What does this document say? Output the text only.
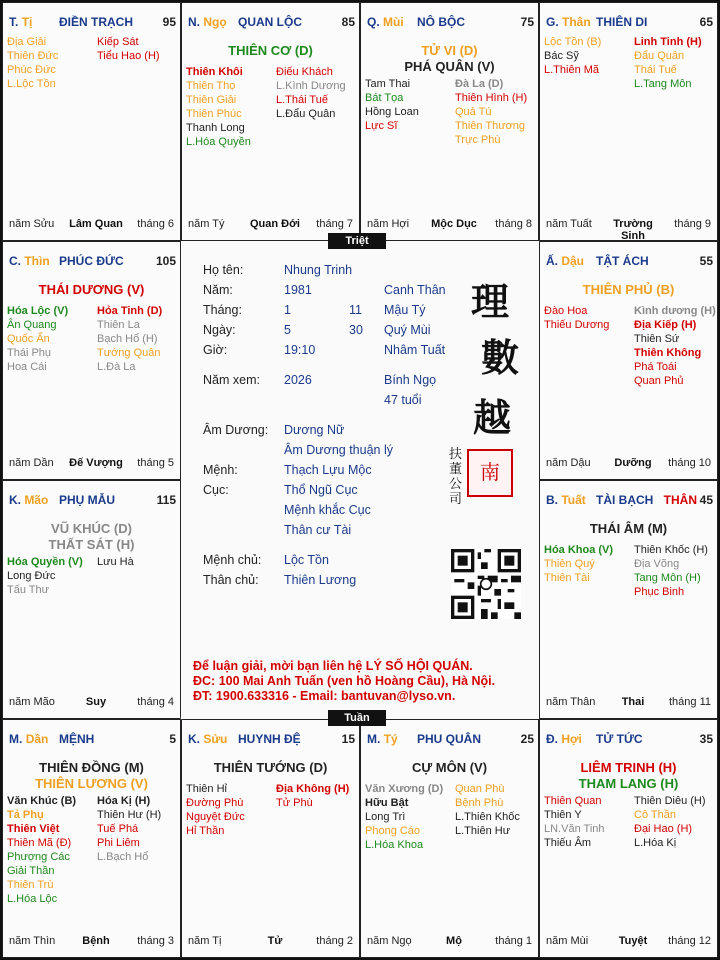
T. Tị ĐIỀN TRẠCH 95
Địa Giải
Thiên Đức
Phúc Đức
L.Lộc Tồn
Kiếp Sát
Tiểu Hao (H)
năm Sửu	Lâm Quan	tháng 6
N. Ngọ QUAN LỘC	85
THIÊN CƠ (D)
Thiên Khôi
Thiên Thọ
Thiên Giải
Thiên Phúc
Thanh Long
L.Hóa Quyền
Điếu Khách
L.Kình Dương
L.Thái Tuế
L.Đẩu Quân
năm Tý	Quan Đới	tháng 7
Q. Mùi NÔ BỘC	75
TỬ VI (D)
PHÁ QUÂN (V)
Tam Thai
Bát Tọa
Hồng Loan
Lực Sĩ
Đà La (D)
Thiên Hình (H)
Quả Tú
Thiên Thương
Trực Phù
năm Hợi	Mộc Dục	tháng 8
G. Thân THIÊN DI	65
Lộc Tồn (B)
Bác Sỹ
L.Thiên Mã
Linh Tinh (H)
Đẩu Quân
Thái Tuế
L.Tang Môn
năm Tuất	Trường Sinh
tháng 9
C. Thìn PHÚC ĐỨC	105
THÁI DƯƠNG (V)
Hóa Lộc (V)
Ân Quang
Quốc Ấn
Thái Phụ
Hoa Cái
Hỏa Tinh (D)
Thiên La
Bạch Hổ (H)
Tướng Quân
L.Đà La
năm Dần	Đế Vượng	tháng 5
Ấ. Dậu TẬT ÁCH	55
THIÊN PHỦ (B)
Đào Hoa
Thiếu Dương
Kình dương (H)
Địa Kiếp (H)
Thiên Sứ
Thiên Không
Phá Toái
Quan Phủ
năm Dậu	Dưỡng	tháng 10
K. Mão PHỤ MẪU	115
VŨ KHÚC (D)
THẤT SÁT (H)
Hóa Quyền (V)
Long Đức
Tấu Thư
Lưu Hà
năm Mão	Suy	tháng 4
B. Tuất TÀI BẠCH THÂN 45
THÁI ÂM (M)
Hóa Khoa (V)
Thiên Quý
Thiên Tài
Thiên Khốc (H)
Địa Võng
Tang Môn (H)
Phục Binh
năm Thân	Thai	tháng 11
M. Dần MỆNH	5
THIÊN ĐỒNG (M)
THIÊN LƯƠNG (V)
Văn Khúc (B)
Tả Phụ
Thiên Việt
Thiên Mã (Đ)
Phượng Các
Giải Thần
Thiên Trù
L.Hóa Lộc
Hóa Kị (H)
Thiên Hư (H)
Tuế Phá
Phi Liêm
L.Bạch Hổ
năm Thìn	Bệnh	tháng 3
K. Sửu HUYNH ĐỆ	15
THIÊN TƯỚNG (D)
Thiên Hỉ
Đường Phù
Nguyệt Đức
Hỉ Thần
Địa Không (H)
Tử Phù
năm Tị	Tử	tháng 2
M. Tý PHU QUÂN	25
CỰ MÔN (V)
Văn Xương (D)
Hữu Bật
Long Trì
Phong Cáo
L.Hóa Khoa
Quan Phù
Bệnh Phù
L.Thiên Khốc
L.Thiên Hư
năm Ngọ	Mộ	tháng 1
Đ. Hợi TỬ TỨC	35
LIÊM TRINH (H)
THAM LANG (H)
Thiên Quan
Thiên Y
LN.Văn Tinh
Thiếu Âm
Thiên Diêu (H)
Cô Thần
Đại Hao (H)
L.Hóa Kị
năm Mùi	Tuyệt	tháng 12
Họ tên:	Nhung Trinh
Năm:	1981	Canh Thân
Tháng:	1	11 Mậu Tý
Ngày:	5	30 Quý Mùi
Giờ:	19:10	Nhâm Tuất
Năm xem: 2026	Bính Ngọ
47 tuổi
Âm Dương: Dương Nữ
Âm Dương thuận lý
Mệnh:	Thạch Lựu Mộc
Cục:	Thổ Ngũ Cục
Mệnh khắc Cục
Thân cư Tài
Mệnh chủ: Lộc Tồn
Thân chủ: Thiên Lương
理
數
越
扶 董 公 司
南
Để luận giải, mời bạn liên hệ LÝ SỐ HỘI QUÁN.
ĐC: 100 Mai Anh Tuấn (ven hồ Hoàng Cầu), Hà Nội.
ĐT: 1900.633316 - Email: bantuvan@lyso.vn.
Triệt
Tuần
